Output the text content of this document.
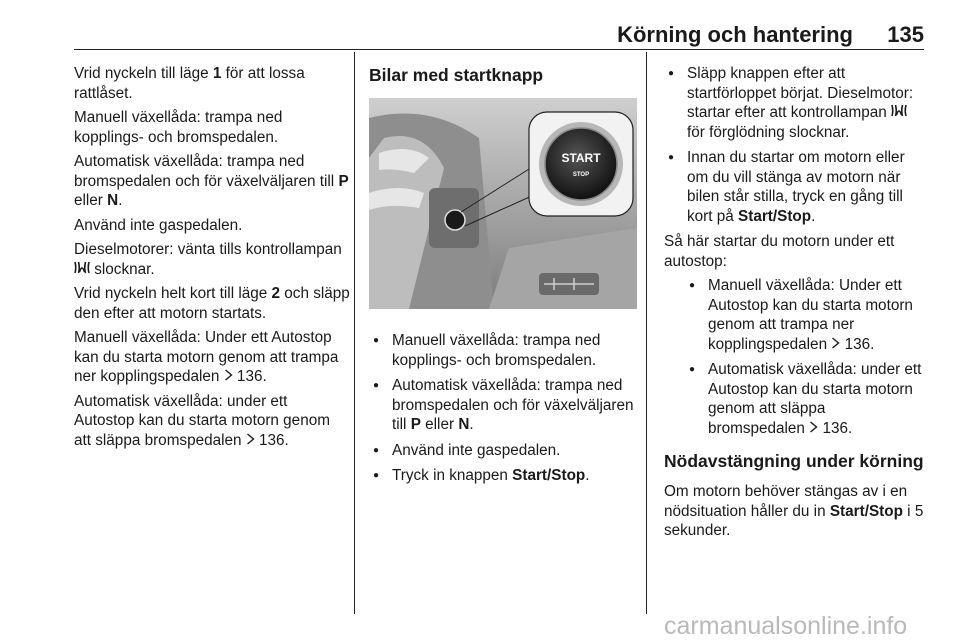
Körning och hantering 135

Vrid nyckeln till läge 1 för att lossa rattlåset.

Manuell växellåda: trampa ned kopplings- och bromspedalen.

Automatisk växellåda: trampa ned bromspedalen och för växelväljaren till P eller N.

Använd inte gaspedalen.

Dieselmotorer: vänta tills kontrollampan  slocknar.

Vrid nyckeln helt kort till läge 2 och släpp den efter att motorn startats.

Manuell växellåda: Under ett Autostop kan du starta motorn genom att trampa ner kopplingspedalen  136.

Automatisk växellåda: under ett Autostop kan du starta motorn genom att släppa bromspedalen  136.

Bilar med startknapp
START
STOP
● Manuell växellåda: trampa ned kopplings- och bromspedalen.
● Automatisk växellåda: trampa ned bromspedalen och för växelväljaren till P eller N.
● Använd inte gaspedalen.
● Tryck in knappen Start/Stop.
● Släpp knappen efter att startförloppet börjat. Dieselmotor: startar efter att kontrollampan  för förglödning slocknar.
● Innan du startar om motorn eller om du vill stänga av motorn när bilen står stilla, tryck en gång till kort på Start/Stop.

Så här startar du motorn under ett autostop:

● Manuell växellåda: Under ett Autostop kan du starta motorn genom att trampa ner kopplingspedalen  136.
● Automatisk växellåda: under ett Autostop kan du starta motorn genom att släppa bromspedalen  136.
Nödavstängning under körning

Om motorn behöver stängas av i en nödsituation håller du in Start/Stop i 5 sekunder.

carmanualsonline.info
